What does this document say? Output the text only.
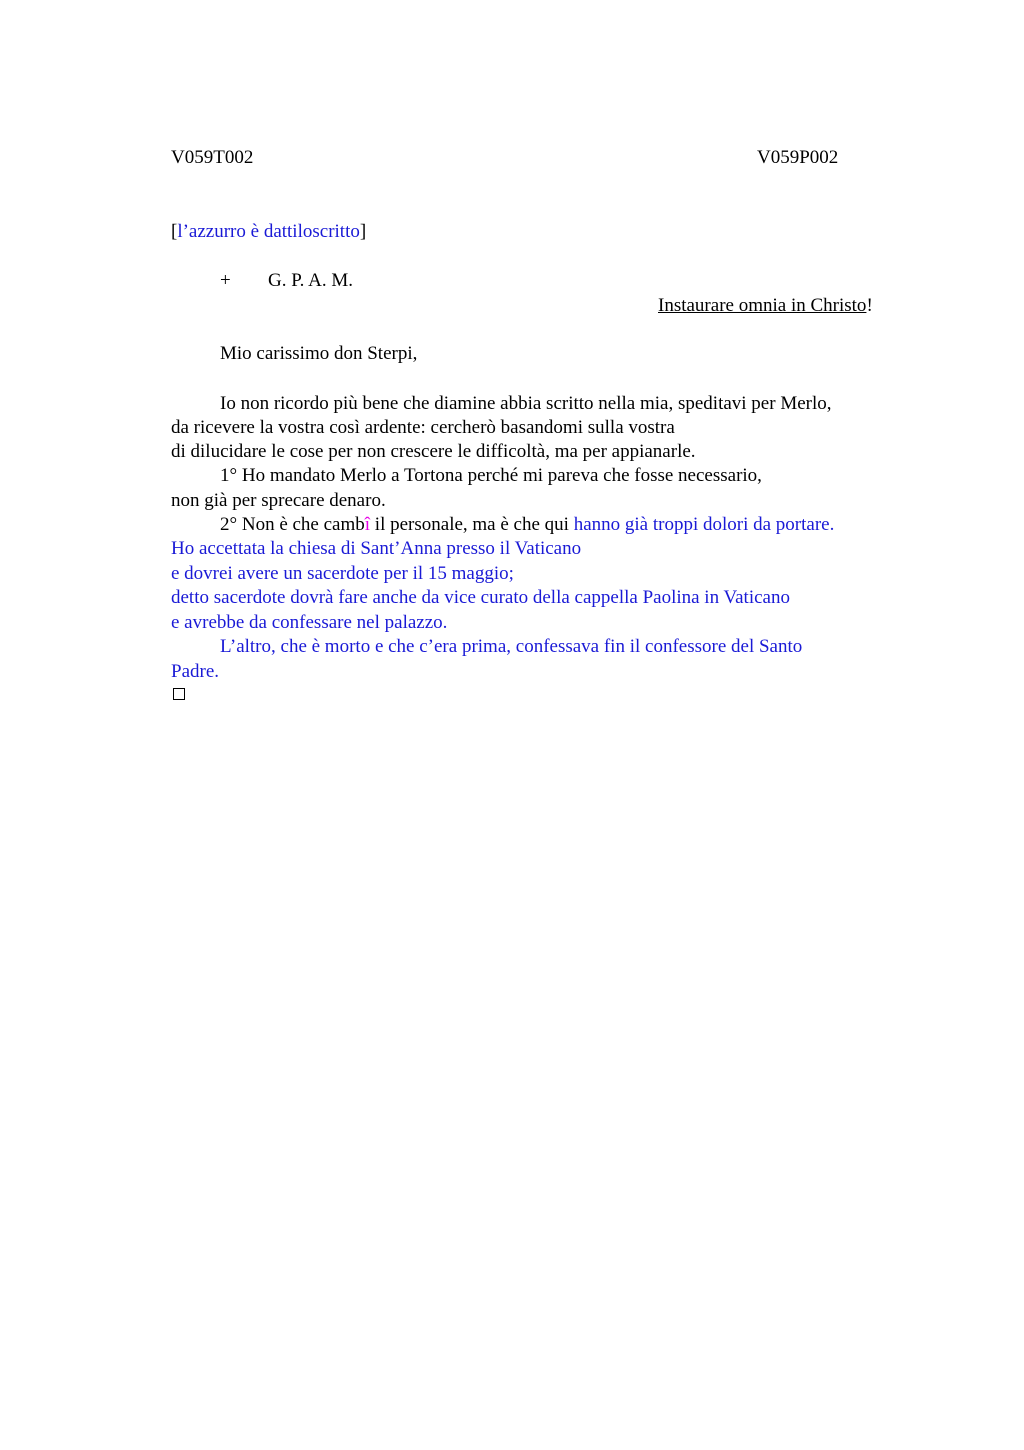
V059T002	V059P002
[l’azzurro è dattiloscritto]
+ G. P. A. M.
Instaurare omnia in Christo!
Mio carissimo don Sterpi,
Io non ricordo più bene che diamine abbia scritto nella mia, speditavi per Merlo,
da ricevere la vostra così ardente: cercherò basandomi sulla vostra
di dilucidare le cose per non crescere le difficoltà, ma per appianarle.
1° Ho mandato Merlo a Tortona perché mi pareva che fosse necessario,
non già per sprecare denaro.
2° Non è che cambî il personale, ma è che qui hanno già troppi dolori da portare.
Ho accettata la chiesa di Sant’Anna presso il Vaticano
e dovrei avere un sacerdote per il 15 maggio;
detto sacerdote dovrà fare anche da vice curato della cappella Paolina in Vaticano
e avrebbe da confessare nel palazzo.
L’altro, che è morto e che c’era prima, confessava fin il confessore del Santo
Padre.
